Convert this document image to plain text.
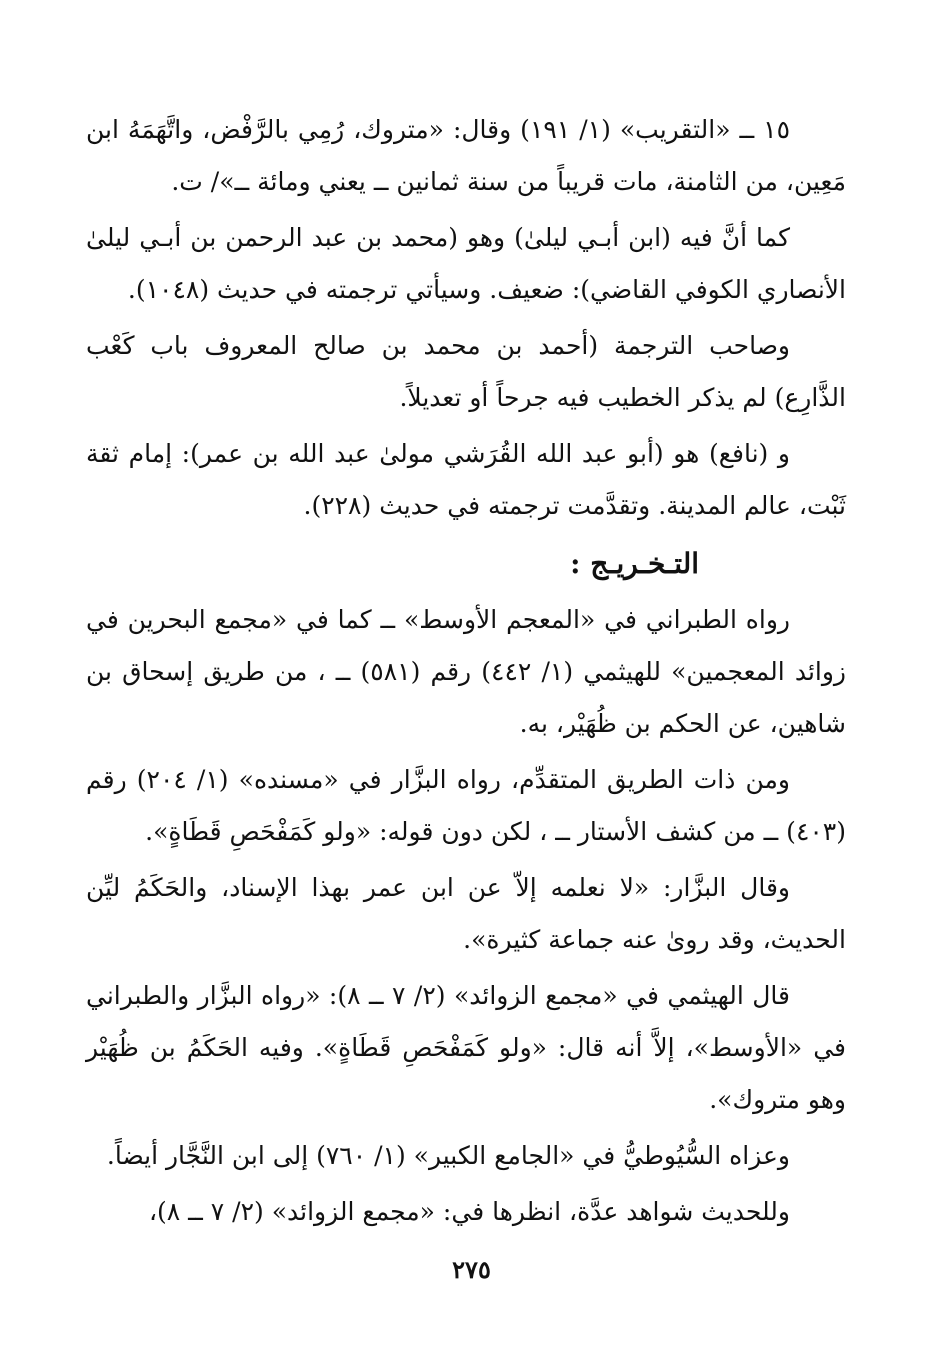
١٥ ــ «التقريب» (١/ ١٩١) وقال: «متروك، رُمِي بالرَّفْض، واتَّهَمَهُ ابن مَعِين، من الثامنة، مات قريباً من سنة ثمانين ــ يعني ومائة ــ»/ ت.

كما أنَّ فيه (ابن أبـي ليلىٰ) وهو (محمد بن عبد الرحمن بن أبـي ليلىٰ الأنصاري الكوفي القاضي): ضعيف. وسيأتي ترجمته في حديث (١٠٤٨).

وصاحب الترجمة (أحمد بن محمد بن صالح المعروف باب كَعْب الذَّارِع) لم يذكر الخطيب فيه جرحاً أو تعديلاً.

و (نافع) هو (أبو عبد الله القُرَشي مولىٰ عبد الله بن عمر): إمام ثقة ثَبْت، عالم المدينة. وتقدَّمت ترجمته في حديث (٢٢٨).

التـخـريـج :

رواه الطبراني في «المعجم الأوسط» ــ كما في «مجمع البحرين في زوائد المعجمين» للهيثمي (١/ ٤٤٢) رقم (٥٨١) ــ ، من طريق إسحاق بن شاهين، عن الحكم بن ظُهَيْر، به.

ومن ذات الطريق المتقدِّم، رواه البزَّار في «مسنده» (١/ ٢٠٤) رقم (٤٠٣) ــ من كشف الأستار ــ ، لكن دون قوله: «ولو كَمَفْحَصِ قَطَاةٍ».

وقال البزَّار: «لا نعلمه إلاّ عن ابن عمر بهذا الإسناد، والحَكَمُ ليِّن الحديث، وقد روىٰ عنه جماعة كثيرة».

قال الهيثمي في «مجمع الزوائد» (٢/ ٧ ــ ٨): «رواه البزَّار والطبراني في «الأوسط»، إلاَّ أنه قال: «ولو كَمَفْحَصِ قَطَاةٍ». وفيه الحَكَمُ بن ظُهَيْر وهو متروك».

وعزاه السُّيُوطيُّ في «الجامع الكبير» (١/ ٧٦٠) إلى ابن النَّجَّار أيضاً.

وللحديث شواهد عدَّة، انظرها في: «مجمع الزوائد» (٢/ ٧ ــ ٨)،

٢٧٥
